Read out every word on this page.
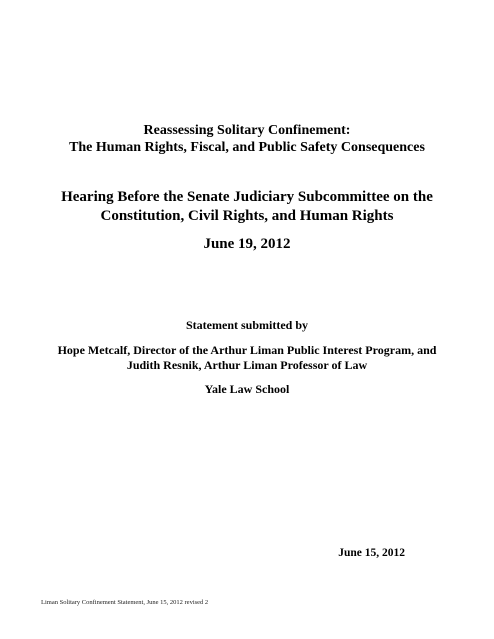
Reassessing Solitary Confinement:
The Human Rights, Fiscal, and Public Safety Consequences
Hearing Before the Senate Judiciary Subcommittee on the
Constitution, Civil Rights, and Human Rights
June 19, 2012
Statement submitted by
Hope Metcalf, Director of the Arthur Liman Public Interest Program, and
Judith Resnik, Arthur Liman Professor of Law
Yale Law School
June 15, 2012
Liman Solitary Confinement Statement, June 15, 2012 revised 2
